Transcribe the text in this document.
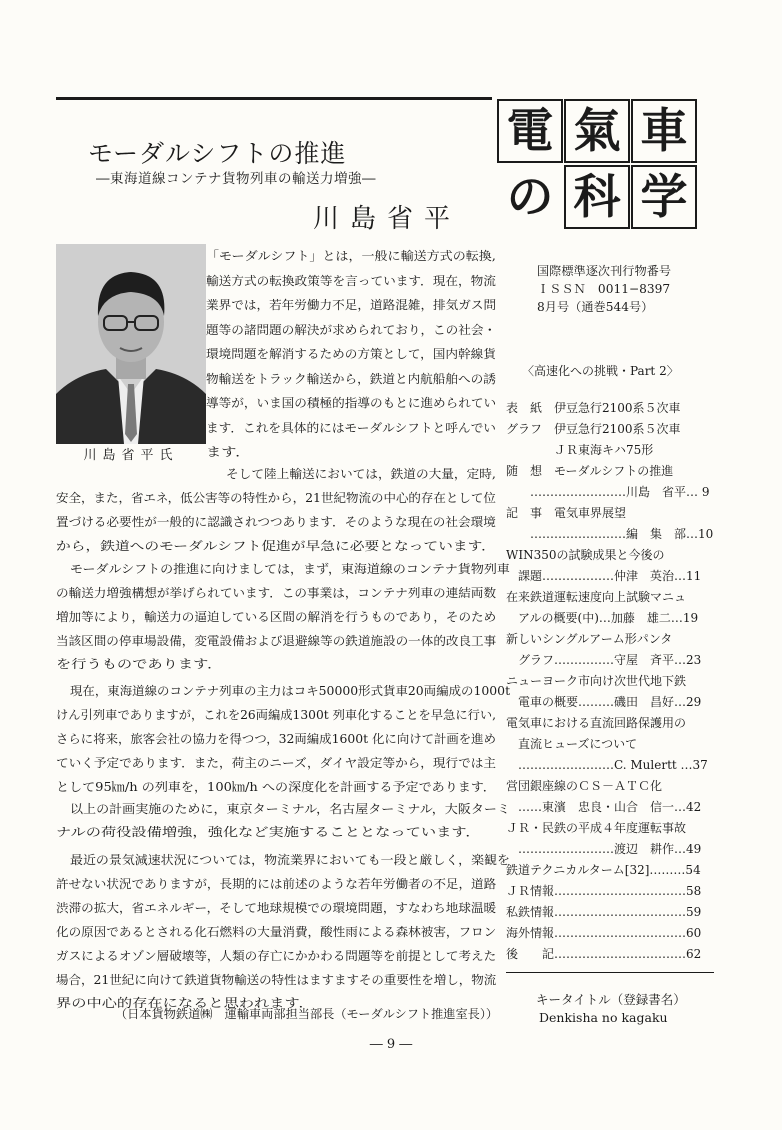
モーダルシフトの推進
―東海道線コンテナ貨物列車の輸送力増強―
川島省平
電 氣 車
の 科 学
川島省平氏
「モーダルシフト」とは，一般に輸送方式の転換,
輸送方式の転換政策等を言っています．現在，物流
業界では，若年労働力不足，道路混雑，排気ガス問
題等の諸問題の解決が求められており，この社会・
環境問題を解消するための方策として，国内幹線貨
物輸送をトラック輸送から，鉄道と内航船舶への誘
導等が，いま国の積極的指導のもとに進められてい
ます．これを具体的にはモーダルシフトと呼んでい
ます．
そして陸上輸送においては，鉄道の大量，定時,
安全，また，省エネ，低公害等の特性から，21世紀物流の中心的存在として位
置づける必要性が一般的に認識されつつあります．そのような現在の社会環境
から，鉄道へのモーダルシフト促進が早急に必要となっています．
モーダルシフトの推進に向けましては，まず，東海道線のコンテナ貨物列車
の輸送力増強構想が挙げられています．この事業は，コンテナ列車の連結両数
増加等により，輸送力の逼迫している区間の解消を行うものであり，そのため
当該区間の停車場設備，変電設備および退避線等の鉄道施設の一体的改良工事
を行うものであります．
現在，東海道線のコンテナ列車の主力はコキ50000形式貨車20両編成の1000t
けん引列車でありますが，これを26両編成1300t 列車化することを早急に行い,
さらに将来，旅客会社の協力を得つつ，32両編成1600t 化に向けて計画を進め
ていく予定であります．また，荷主のニーズ，ダイヤ設定等から，現行では主
として95㎞/h の列車を，100㎞/h への深度化を計画する予定であります．
以上の計画実施のために，東京ターミナル，名古屋ターミナル，大阪ターミ
ナルの荷役設備増強，強化など実施することとなっています．
最近の景気減速状況については，物流業界においても一段と厳しく，楽観を
許せない状況でありますが，長期的には前述のような若年労働者の不足，道路
渋滞の拡大，省エネルギー，そして地球規模での環境問題，すなわち地球温暖
化の原因であるとされる化石燃料の大量消費，酸性雨による森林被害，フロン
ガスによるオゾン層破壊等，人類の存亡にかかわる問題等を前提として考えた
場合，21世紀に向けて鉄道貨物輸送の特性はますますその重要性を増し，物流
界の中心的存在になると思われます．
（日本貨物鉄道㈱　運輸車両部担当部長（モーダルシフト推進室長））
― 9 ―
国際標準逐次刊行物番号
ＩＳＳＮ　0011−8397
8月号（通巻544号）
〈高速化への挑戦・Part 2〉
表　紙　伊豆急行2100系５次車
グラフ　伊豆急行2100系５次車
　　　　ＪＲ東海キハ75形
随　想　モーダルシフトの推進
　　……………………川島　省平… 9
記　事　電気車界展望
　　……………………編　集　部…10
WIN350の試験成果と今後の
　課題………………仲津　英治…11
在来鉄道運転速度向上試験マニュ
　アルの概要(中)…加藤　雄二…19
新しいシングルアーム形パンタ
　グラフ……………守屋　斉平…23
ニューヨーク市向け次世代地下鉄
　電車の概要………磯田　昌好…29
電気車における直流回路保護用の
　直流ヒューズについて
　……………………C. Mulertt …37
営団銀座線のＣＳ－ＡＴＣ化
　……東濱　忠良・山合　信一…42
ＪＲ・民鉄の平成４年度運転事故
　……………………渡辺　耕作…49
鉄道テクニカルターム[32]………54
ＪＲ情報……………………………58
私鉄情報……………………………59
海外情報……………………………60
後　　記……………………………62
キータイトル（登録書名）
Denkisha no kagaku
